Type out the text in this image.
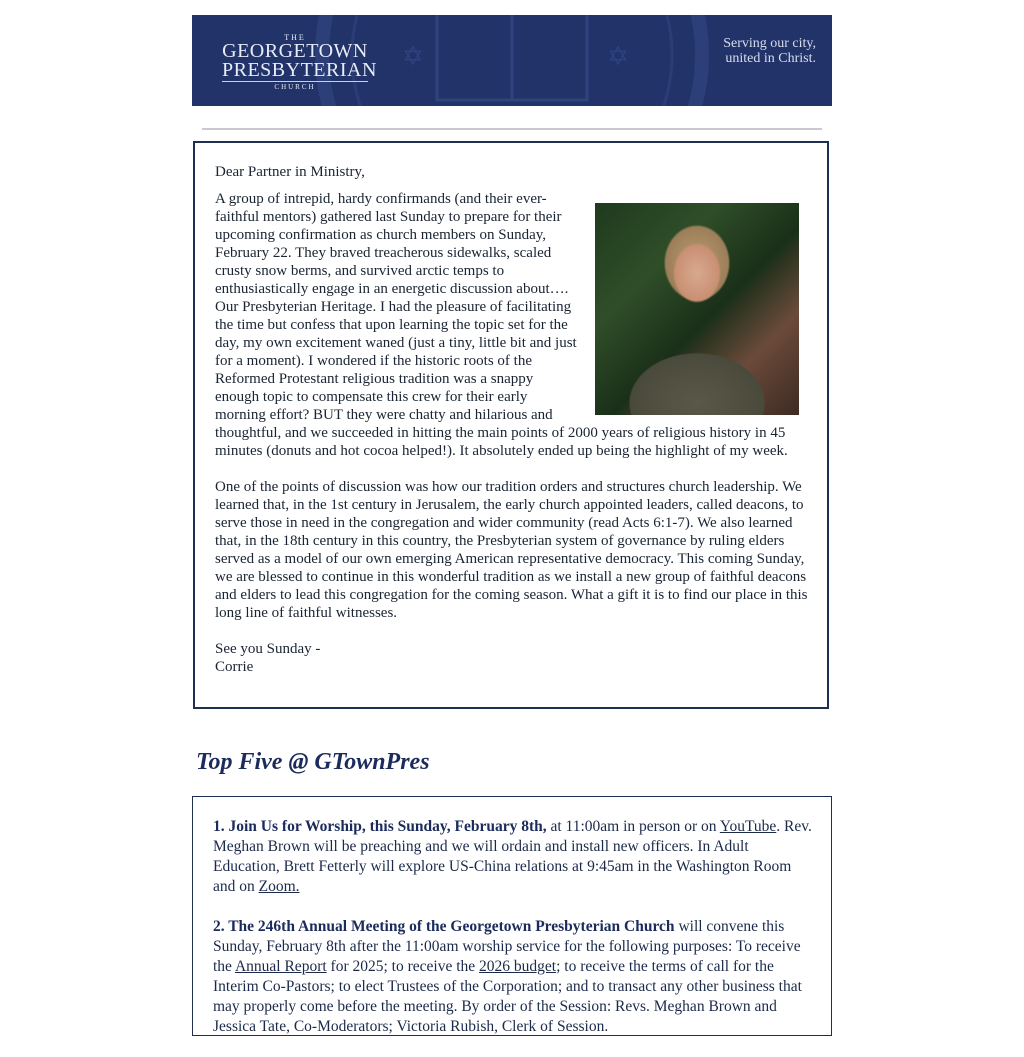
✡	✡
THE
GEORGETOWN
PRESBYTERIAN
CHURCH
Serving our city,
united in Christ.

Dear Partner in Ministry,

A group of intrepid, hardy confirmands (and their ever-faithful mentors) gathered last Sunday to prepare for their upcoming confirmation as church members on Sunday, February 22. They braved treacherous sidewalks, scaled crusty snow berms, and survived arctic temps to enthusiastically engage in an energetic discussion about…. Our Presbyterian Heritage. I had the pleasure of facilitating the time but confess that upon learning the topic set for the day, my own excitement waned (just a tiny, little bit and just for a moment). I wondered if the historic roots of the Reformed Protestant religious tradition was a snappy enough topic to compensate this crew for their early morning effort? BUT they were chatty and hilarious and thoughtful, and we succeeded in hitting the main points of 2000 years of religious history in 45 minutes (donuts and hot cocoa helped!). It absolutely ended up being the highlight of my week.

One of the points of discussion was how our tradition orders and structures church leadership. We learned that, in the 1st century in Jerusalem, the early church appointed leaders, called deacons, to serve those in need in the congregation and wider community (read Acts 6:1-7). We also learned that, in the 18th century in this country, the Presbyterian system of governance by ruling elders served as a model of our own emerging American representative democracy. This coming Sunday, we are blessed to continue in this wonderful tradition as we install a new group of faithful deacons and elders to lead this congregation for the coming season. What a gift it is to find our place in this long line of faithful witnesses.

See you Sunday -
Corrie
Top Five @ GTownPres

1. Join Us for Worship, this Sunday, February 8th, at 11:00am in person or on YouTube. Rev. Meghan Brown will be preaching and we will ordain and install new officers. In Adult Education, Brett Fetterly will explore US-China relations at 9:45am in the Washington Room and on Zoom.

2. The 246th Annual Meeting of the Georgetown Presbyterian Church will convene this Sunday, February 8th after the 11:00am worship service for the following purposes: To receive the Annual Report for 2025; to receive the 2026 budget; to receive the terms of call for the Interim Co-Pastors; to elect Trustees of the Corporation; and to transact any other business that may properly come before the meeting. By order of the Session: Revs. Meghan Brown and Jessica Tate, Co-Moderators; Victoria Rubish, Clerk of Session.
